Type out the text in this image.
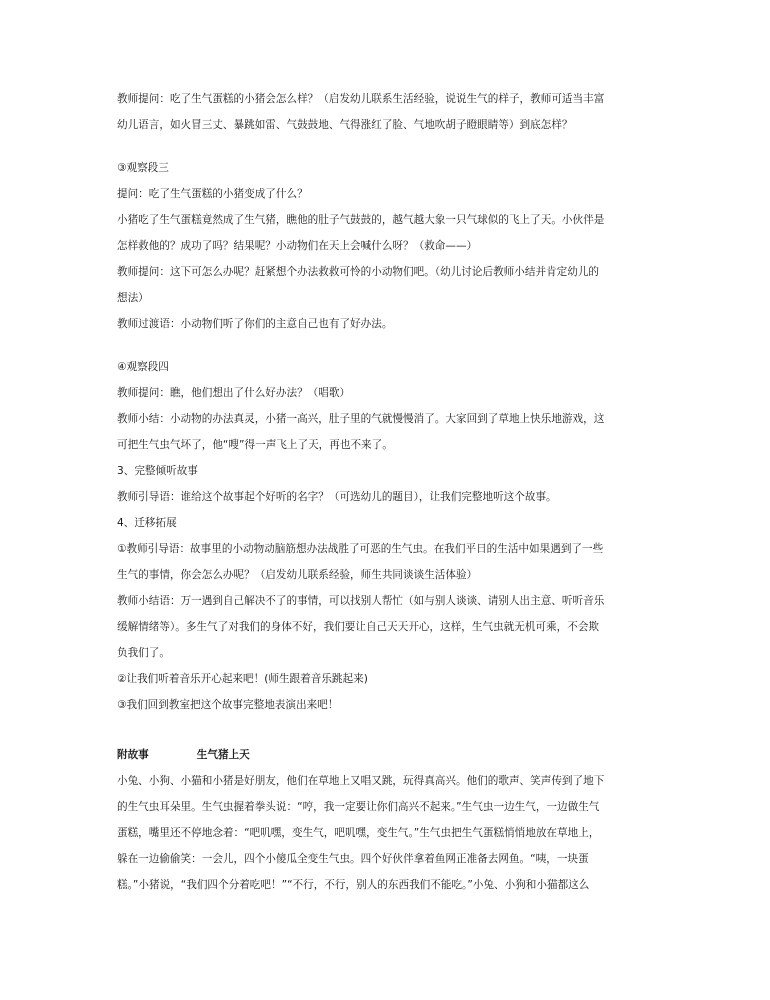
教师提问：吃了生气蛋糕的小猪会怎么样？（启发幼儿联系生活经验，说说生气的样子，教师可适当丰富
幼儿语言，如火冒三丈、暴跳如雷、气鼓鼓地、气得涨红了脸、气地吹胡子瞪眼睛等）到底怎样？
③观察段三
提问：吃了生气蛋糕的小猪变成了什么？
小猪吃了生气蛋糕竟然成了生气猪，瞧他的肚子气鼓鼓的，越气越大象一只气球似的飞上了天。小伙伴是
怎样救他的？成功了吗？结果呢？小动物们在天上会喊什么呀？（救命——）
教师提问：这下可怎么办呢？赶紧想个办法救救可怜的小动物们吧。（幼儿讨论后教师小结并肯定幼儿的
想法）
教师过渡语：小动物们听了你们的主意自己也有了好办法。
④观察段四
教师提问：瞧，他们想出了什么好办法？（唱歌）
教师小结：小动物的办法真灵，小猪一高兴，肚子里的气就慢慢消了。大家回到了草地上快乐地游戏，这
可把生气虫气坏了，他“嗖”得一声飞上了天，再也不来了。
3、完整倾听故事
教师引导语：谁给这个故事起个好听的名字？（可选幼儿的题目），让我们完整地听这个故事。
4、迁移拓展
①教师引导语：故事里的小动物动脑筋想办法战胜了可恶的生气虫。在我们平日的生活中如果遇到了一些
生气的事情，你会怎么办呢？（启发幼儿联系经验，师生共同谈谈生活体验）
教师小结语：万一遇到自己解决不了的事情，可以找别人帮忙（如与别人谈谈、请别人出主意、听听音乐
缓解情绪等）。多生气了对我们的身体不好，我们要让自己天天开心，这样，生气虫就无机可乘，不会欺
负我们了。
②让我们听着音乐开心起来吧！(师生跟着音乐跳起来)
③我们回到教室把这个故事完整地表演出来吧！
附故事	生气猪上天
小兔、小狗、小猫和小猪是好朋友，他们在草地上又唱又跳，玩得真高兴。他们的歌声、笑声传到了地下
的生气虫耳朵里。生气虫握着拳头说：“哼，我一定要让你们高兴不起来。”生气虫一边生气，一边做生气
蛋糕，嘴里还不停地念着：“吧叽嘿，变生气，吧叽嘿，变生气。”生气虫把生气蛋糕悄悄地放在草地上，
躲在一边偷偷笑：一会儿，四个小傻瓜全变生气虫。四个好伙伴拿着鱼网正准备去网鱼。“咦，一块蛋
糕。”小猪说，“我们四个分着吃吧！”“不行，不行，别人的东西我们不能吃。”小兔、小狗和小猫都这么
